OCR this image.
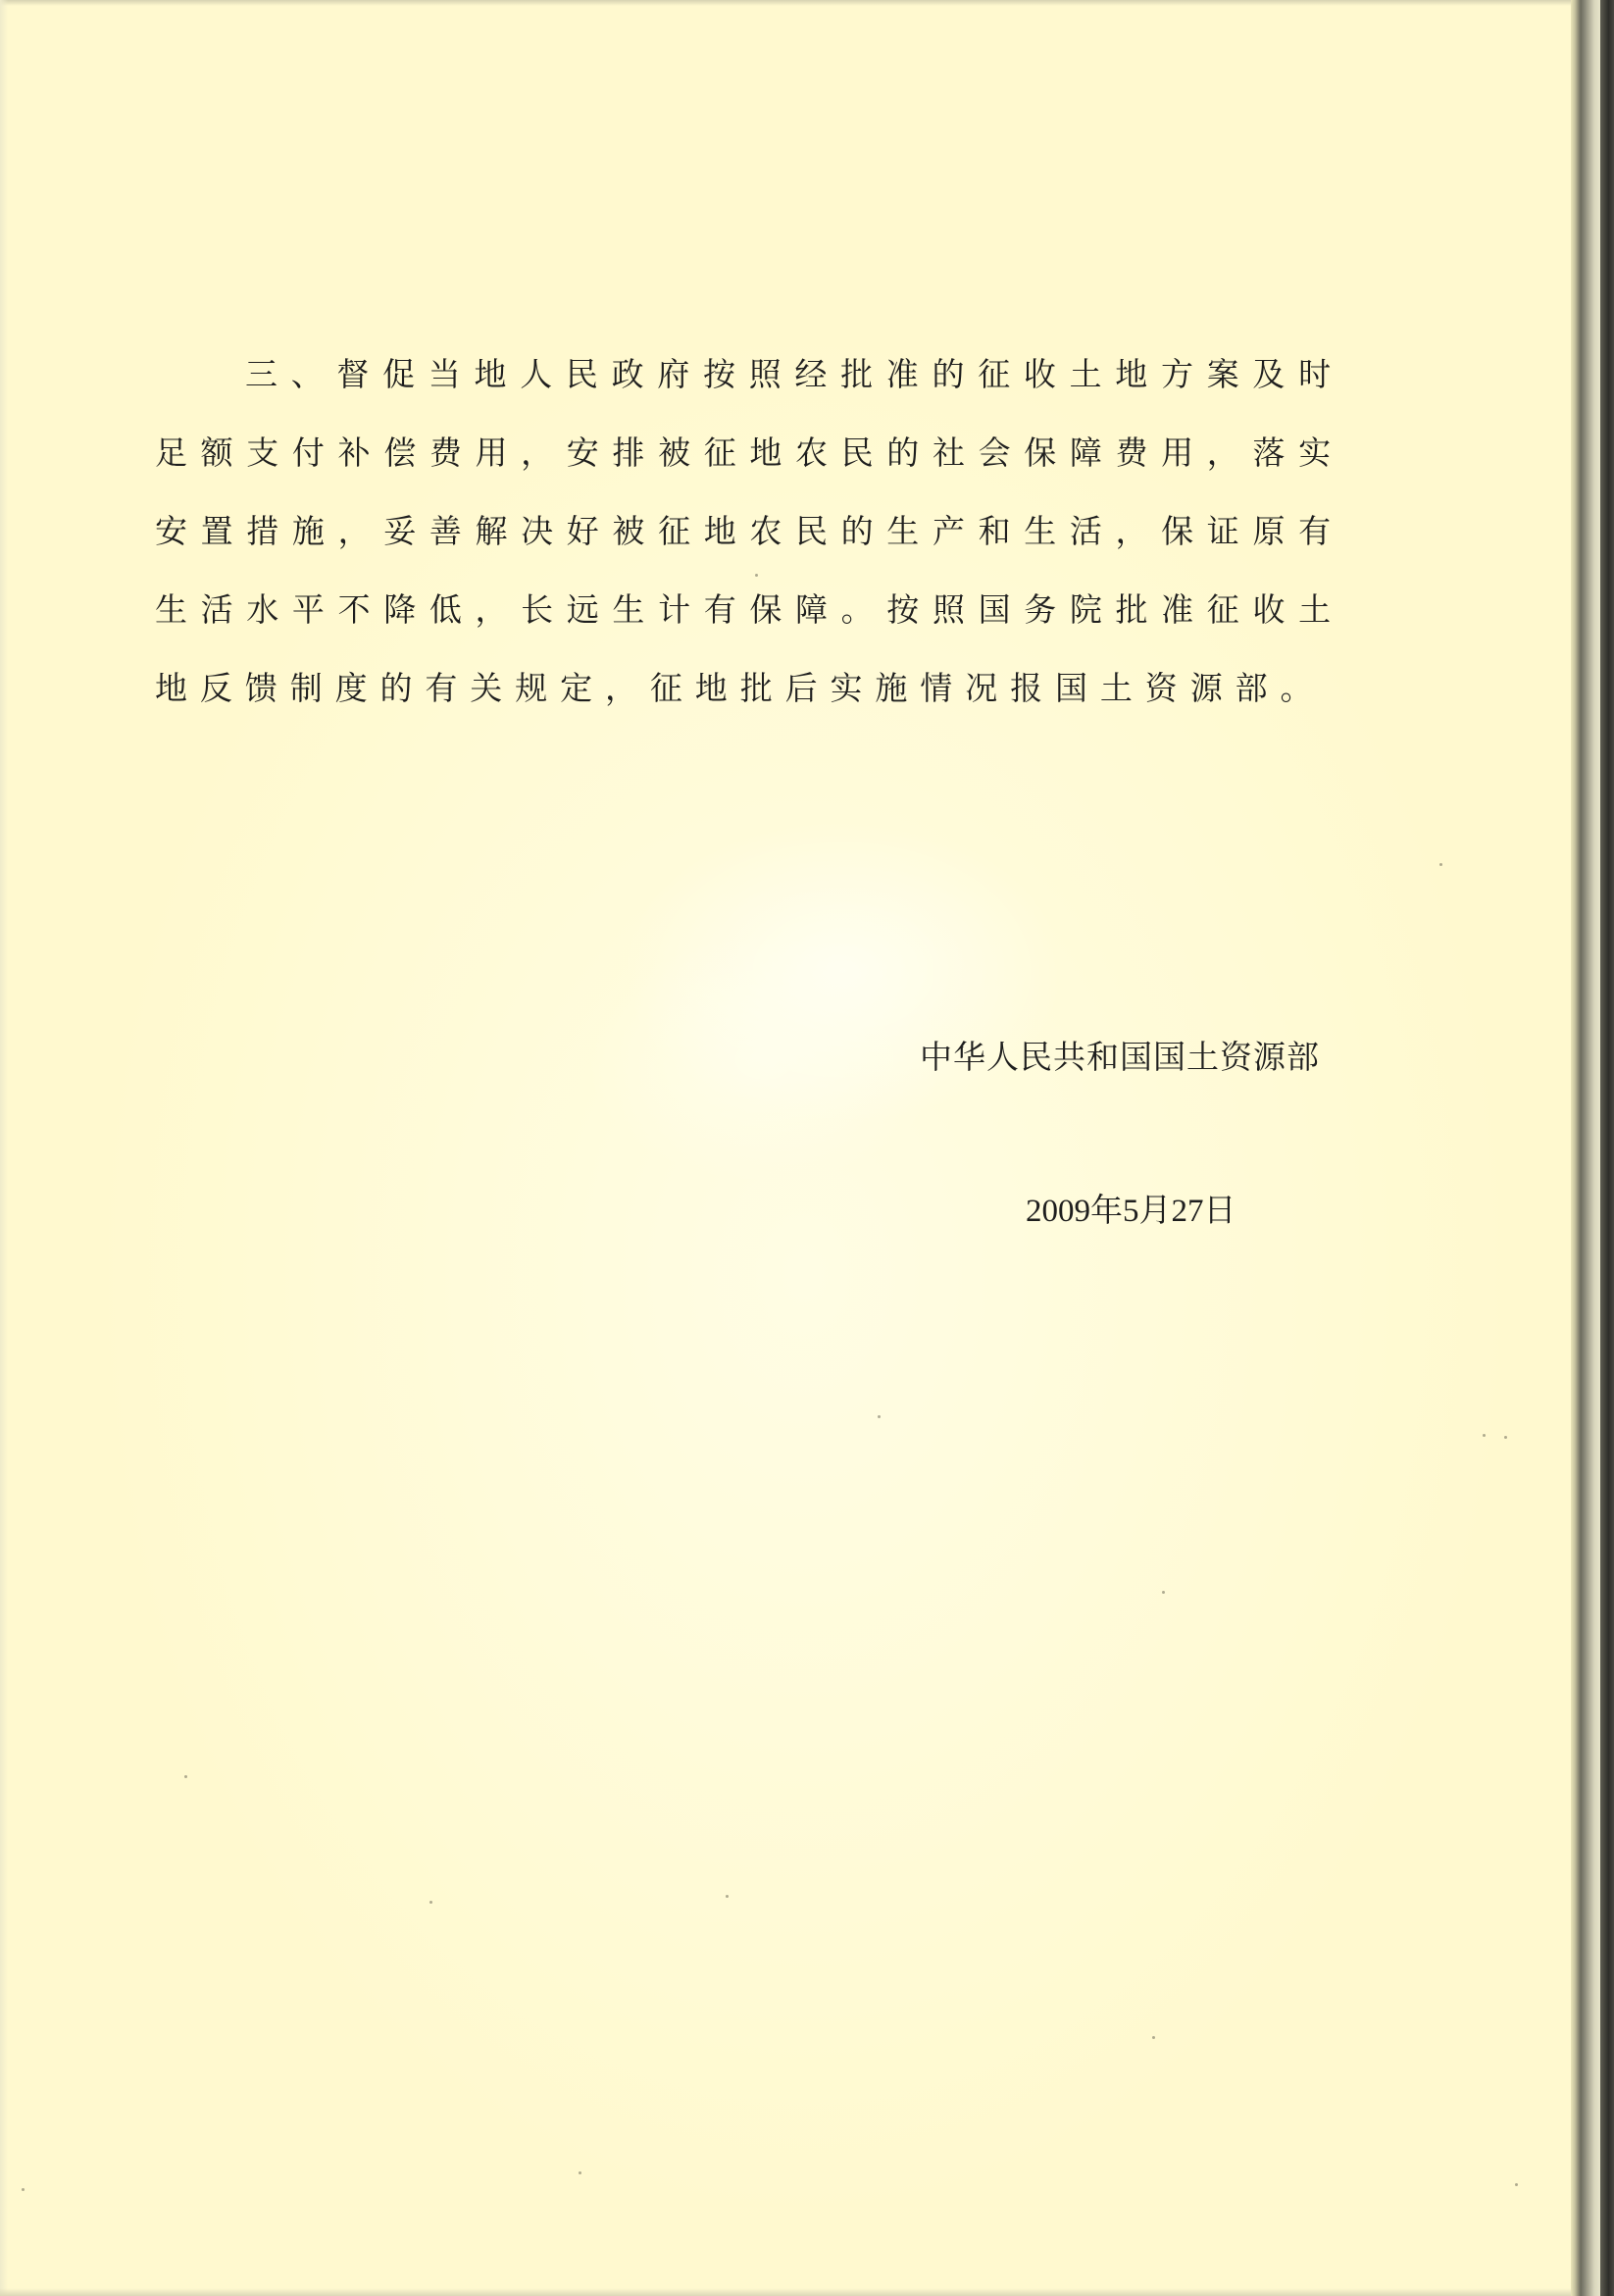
三、督促当地人民政府按照经批准的征收土地方案及时足额支付补偿费用，安排被征地农民的社会保障费用，落实安置措施，妥善解决好被征地农民的生产和生活，保证原有生活水平不降低，长远生计有保障。按照国务院批准征收土地反馈制度的有关规定，征地批后实施情况报国土资源部。

中华人民共和国国土资源部
2009年5月27日
